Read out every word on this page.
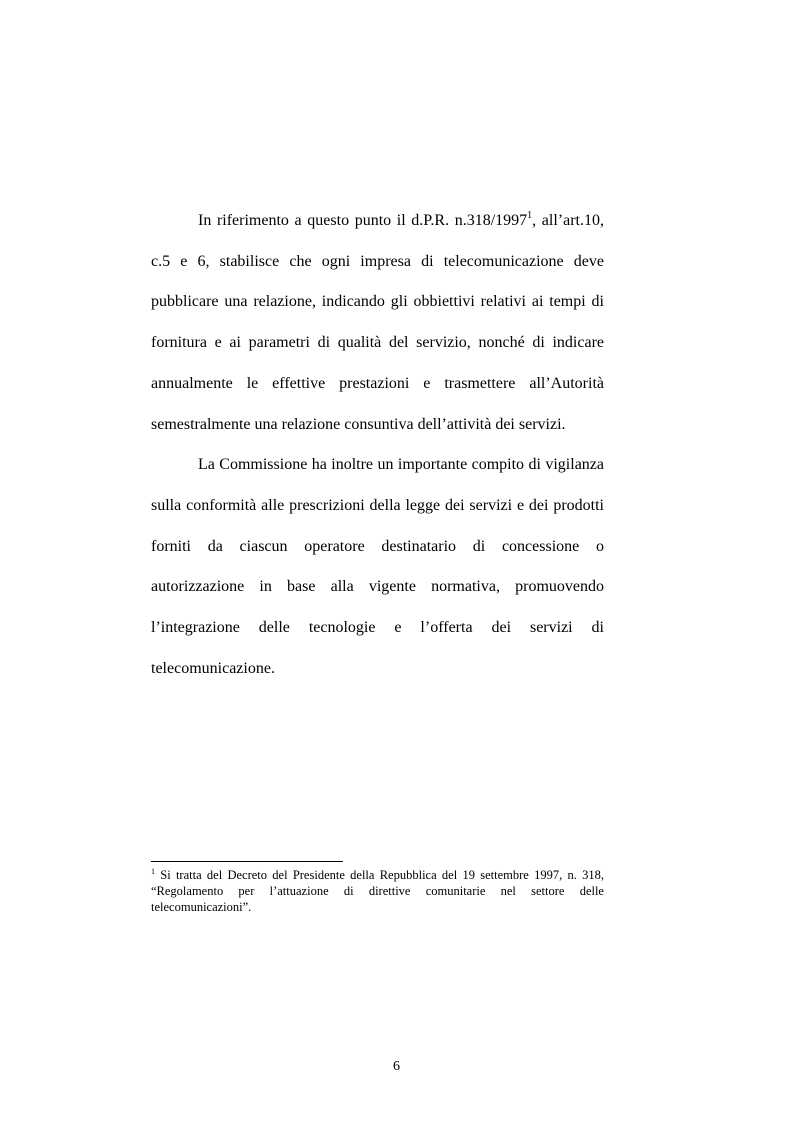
In riferimento a questo punto il d.P.R. n.318/1997$^1$, all’art.10, c.5 e 6, stabilisce che ogni impresa di telecomunicazione deve pubblicare una relazione, indicando gli obbiettivi relativi ai tempi di fornitura e ai parametri di qualità del servizio, nonché di indicare annualmente le effettive prestazioni e trasmettere all’Autorità semestralmente una relazione consuntiva dell’attività dei servizi.

La Commissione ha inoltre un importante compito di vigilanza sulla conformità alle prescrizioni della legge dei servizi e dei prodotti forniti da ciascun operatore destinatario di concessione o autorizzazione in base alla vigente normativa, promuovendo l’integrazione delle tecnologie e l’offerta dei servizi di telecomunicazione.

$^1$ Si tratta del Decreto del Presidente della Repubblica del 19 settembre 1997, n. 318, “Regolamento per l’attuazione di direttive comunitarie nel settore delle telecomunicazioni”.

6
